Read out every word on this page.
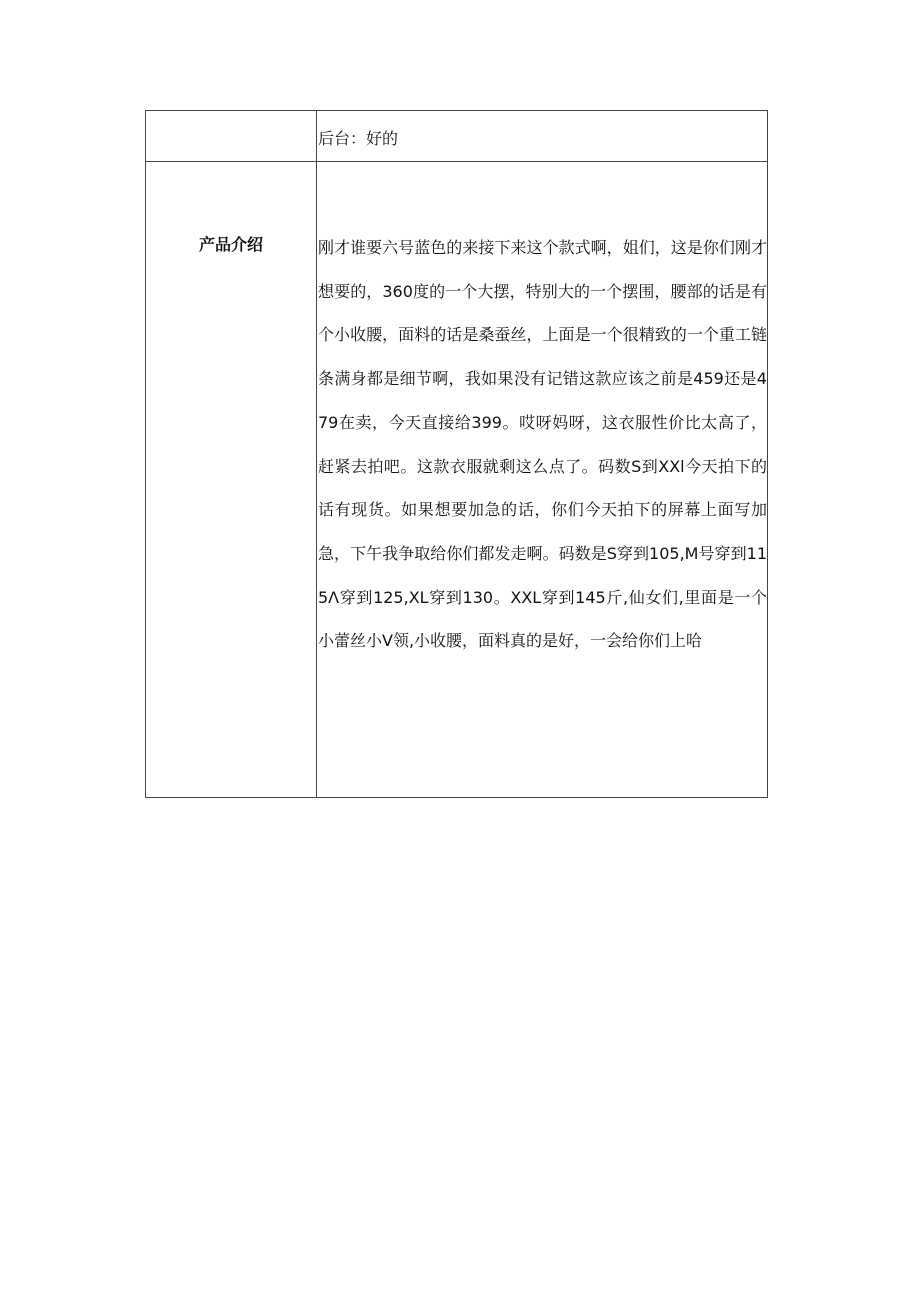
	后台：好的

产品介绍	刚才谁要六号蓝色的来接下来这个款式啊，姐们，这是你们刚才想要的，360度的一个大摆，特别大的一个摆围，腰部的话是有个小收腰，面料的话是桑蚕丝，上面是一个很精致的一个重工链条满身都是细节啊，我如果没有记错这款应该之前是459还是479在卖，今天直接给399。哎呀妈呀，这衣服性价比太高了，赶紧去拍吧。这款衣服就剩这么点了。码数S到XXl今天拍下的话有现货。如果想要加急的话，你们今天拍下的屏幕上面写加急，下午我争取给你们都发走啊。码数是S穿到105,M号穿到115Λ穿到125,XL穿到130。XXL穿到145斤,仙女们,里面是一个小蕾丝小V领,小收腰，面料真的是好，一会给你们上哈
